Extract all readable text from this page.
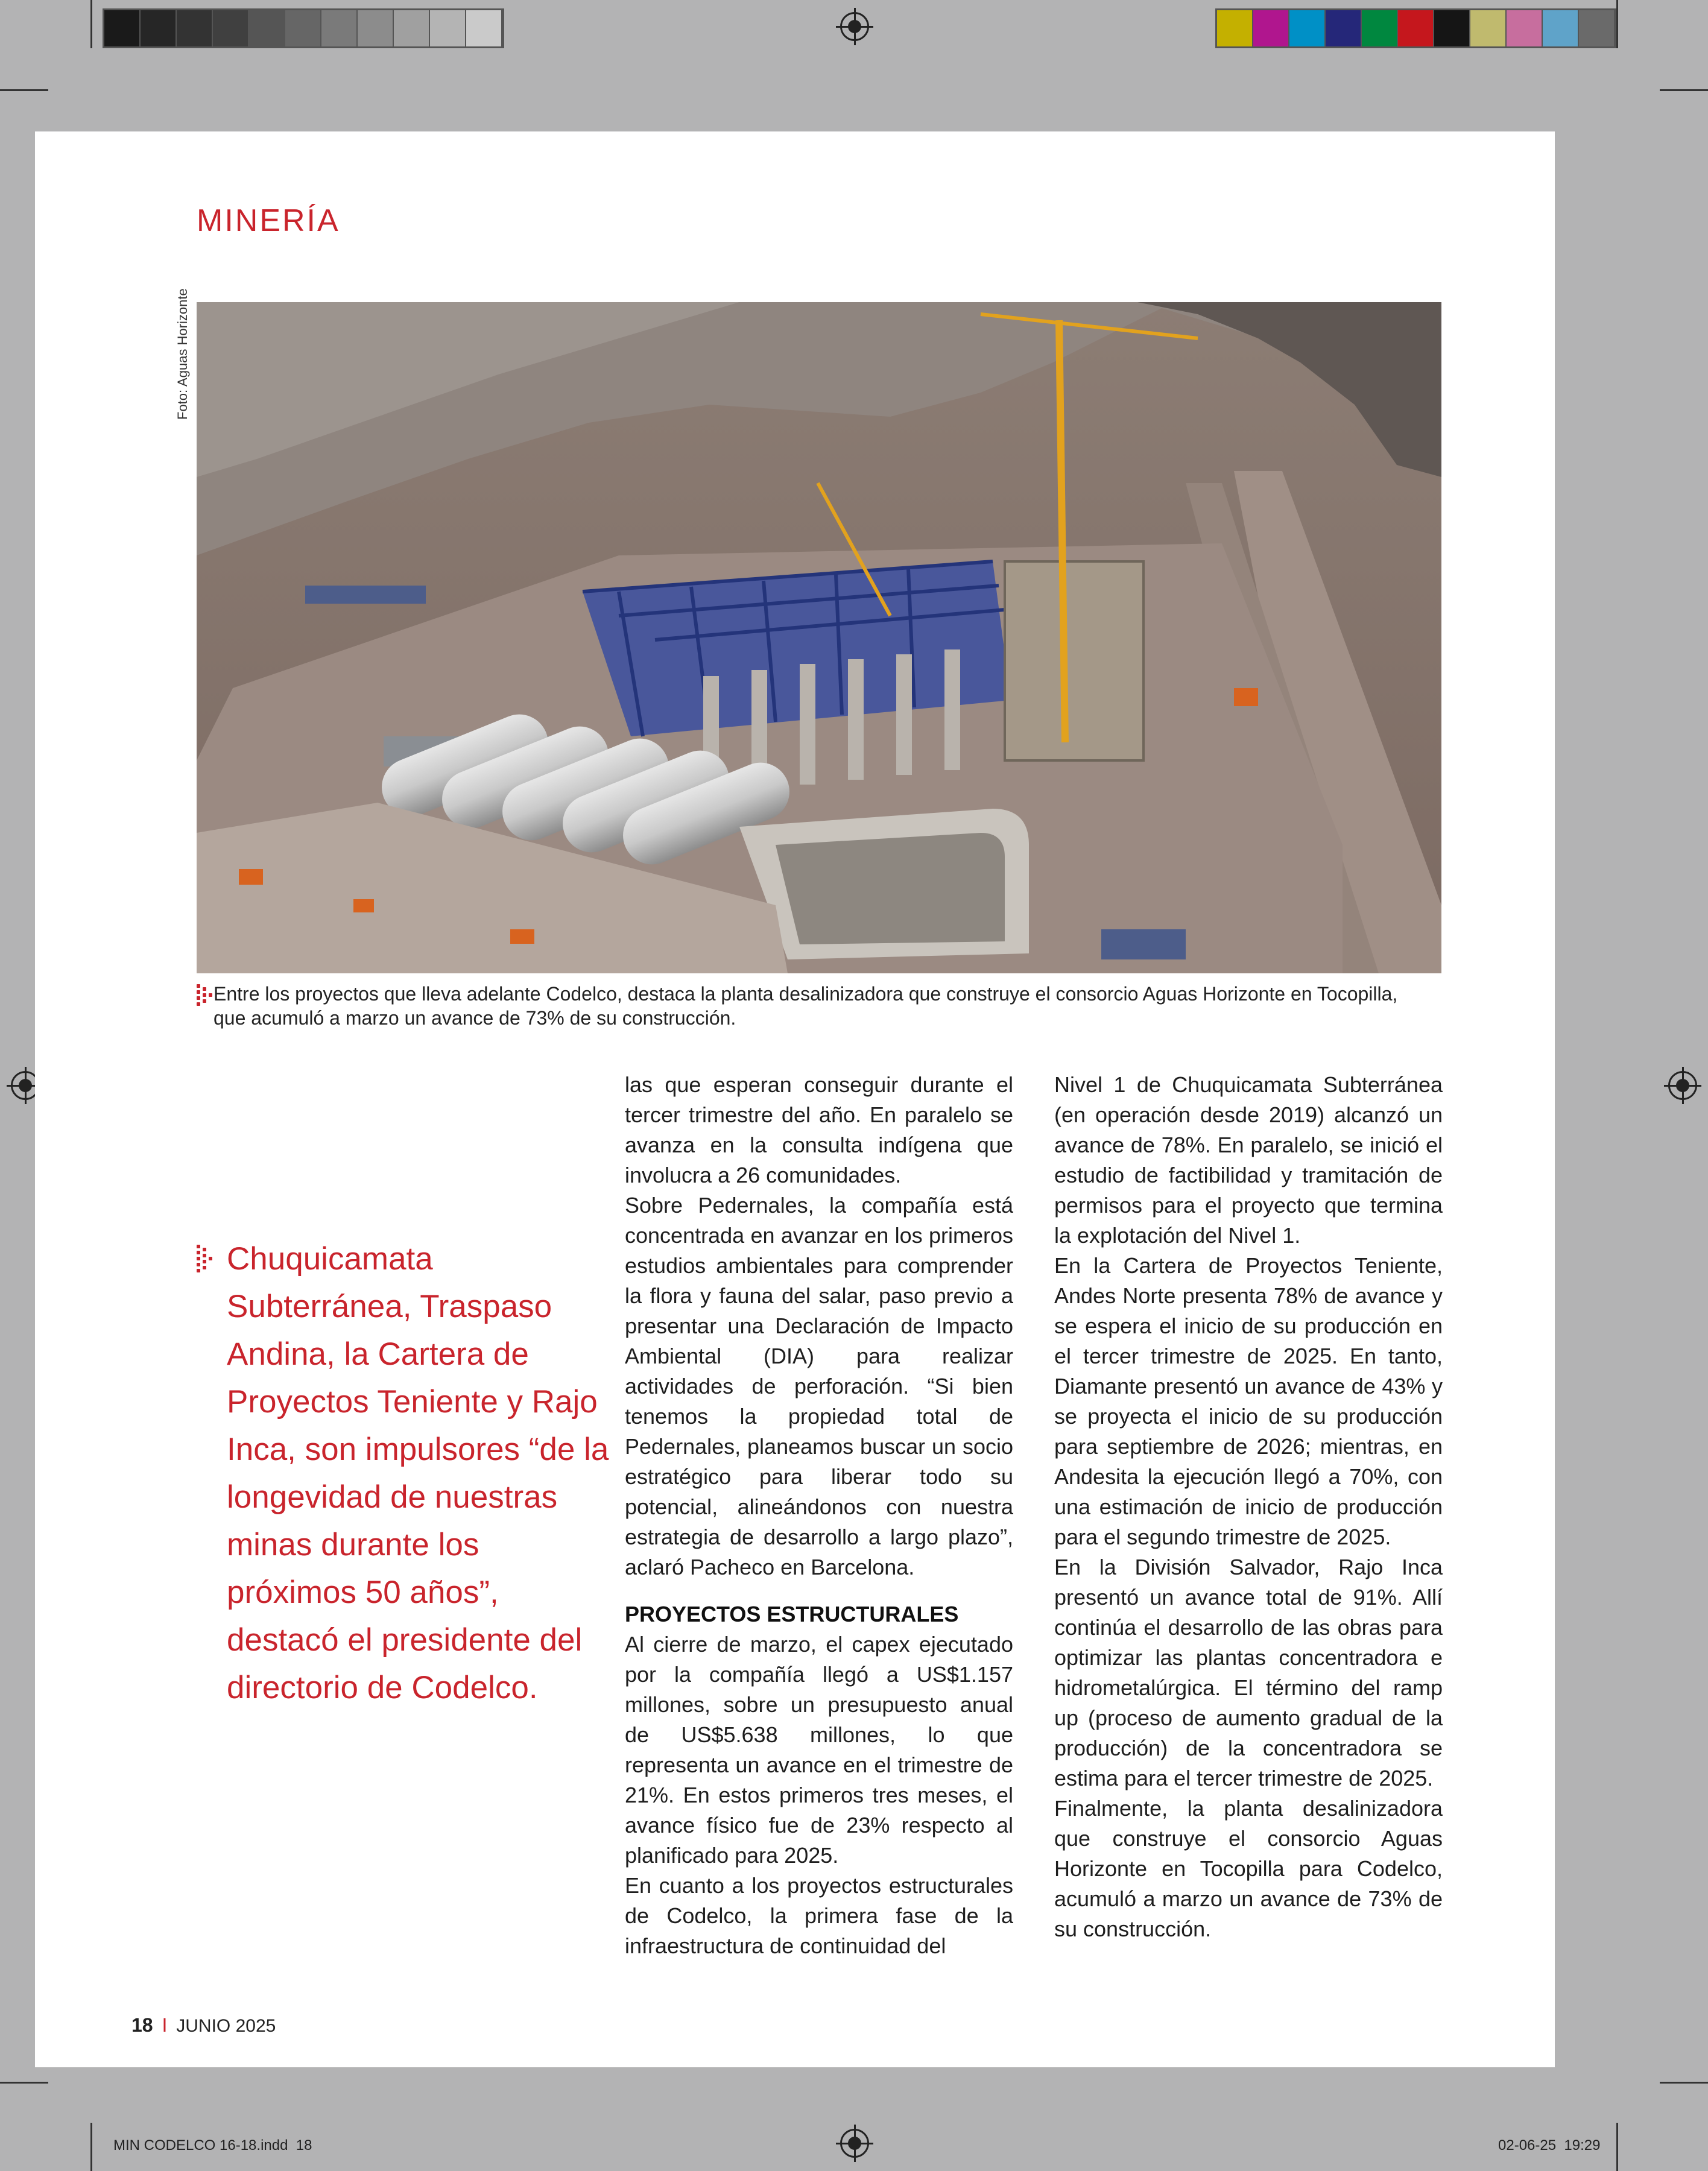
MINERÍA
Foto: Aguas Horizonte
Entre los proyectos que lleva adelante Codelco, destaca la planta desalinizadora que construye el consorcio Aguas Horizonte en Tocopilla,
que acumuló a marzo un avance de 73% de su construcción.
Chuquicamata Subterránea, Traspaso Andina, la Cartera de Proyectos Teniente y Rajo Inca, son impulsores “de la longevidad de nuestras minas durante los próximos 50 años”, destacó el presidente del directorio de Codelco.

las que esperan conseguir durante el tercer trimestre del año. En paralelo se avanza en la consulta indígena que involucra a 26 comunidades.

Sobre Pedernales, la compañía está concentrada en avanzar en los primeros estudios ambientales para comprender la flora y fauna del salar, paso previo a presentar una Declaración de Impacto Ambiental (DIA) para realizar actividades de perforación. “Si bien tenemos la propiedad total de Pedernales, planeamos buscar un socio estratégico para liberar todo su potencial, alineándonos con nuestra estrategia de desarrollo a largo plazo”, aclaró Pacheco en Barcelona.

PROYECTOS ESTRUCTURALES

Al cierre de marzo, el capex ejecutado por la compañía llegó a US$1.157 millones, sobre un presupuesto anual de US$5.638 millones, lo que representa un avance en el trimestre de 21%. En estos primeros tres meses, el avance físico fue de 23% respecto al planificado para 2025.

En cuanto a los proyectos estructurales de Codelco, la primera fase de la infraestructura de continuidad del

Nivel 1 de Chuquicamata Subterránea (en operación desde 2019) alcanzó un avance de 78%. En paralelo, se inició el estudio de factibilidad y tramitación de permisos para el proyecto que termina la explotación del Nivel 1.

En la Cartera de Proyectos Teniente, Andes Norte presenta 78% de avance y se espera el inicio de su producción en el tercer trimestre de 2025. En tanto, Diamante presentó un avance de 43% y se proyecta el inicio de su producción para septiembre de 2026; mientras, en Andesita la ejecución llegó a 70%, con una estimación de inicio de producción para el segundo trimestre de 2025.

En la División Salvador, Rajo Inca presentó un avance total de 91%. Allí continúa el desarrollo de las obras para optimizar las plantas concentradora e hidrometalúrgica. El término del ramp up (proceso de aumento gradual de la producción) de la concentradora se estima para el tercer trimestre de 2025.

Finalmente, la planta desalinizadora que construye el consorcio Aguas Horizonte en Tocopilla para Codelco, acumuló a marzo un avance de 73% de su construcción.

18 I JUNIO 2025
MIN CODELCO 16-18.indd 18	02-06-25 19:29
